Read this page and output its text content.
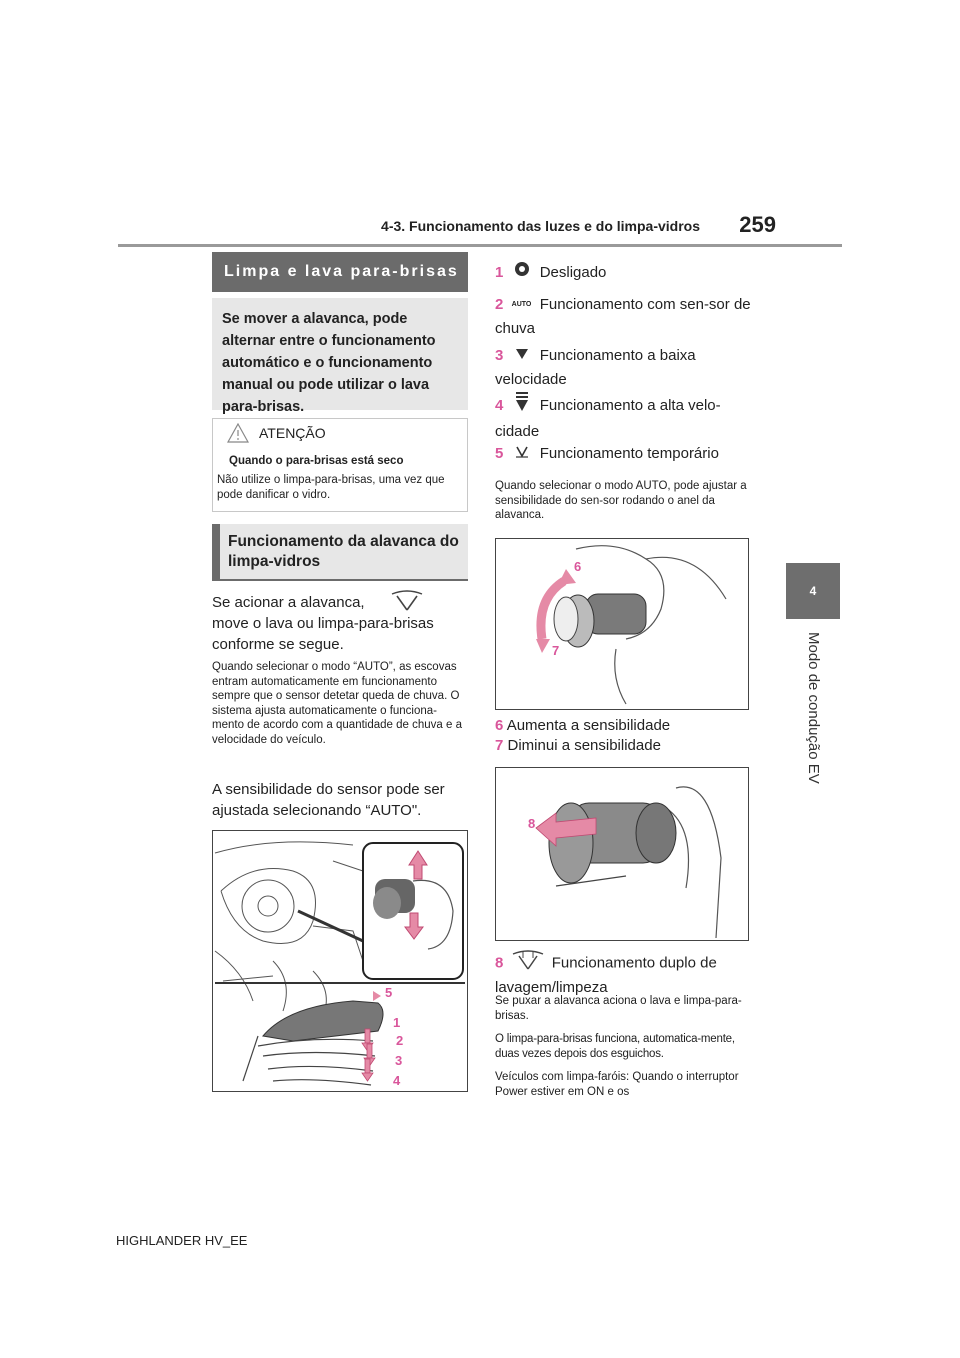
4-3. Funcionamento das luzes e do limpa-vidros	259
4
Modo de condução EV
Limpa e lava para-brisas
Se mover a alavanca, pode alternar entre o funcionamento automático e o funcionamento manual ou pode utilizar o lava para-brisas.
ATENÇÃO
Quando o para-brisas está seco
Não utilize o limpa-para-brisas, uma vez que pode danificar o vidro.
Funcionamento da alavanca do limpa-vidros
Se acionar a alavanca,
move o lava ou limpa-para-brisas conforme se segue.
Quando selecionar o modo “AUTO”, as escovas entram automaticamente em funcionamento sempre que o sensor detetar queda de chuva. O sistema ajusta automaticamente o funciona-mento de acordo com a quantidade de chuva e a velocidade do veículo.
A sensibilidade do sensor pode ser ajustada selecionando “AUTO".
5
1
2
3
4
1 Desligado
2 AUTO Funcionamento com sen-sor de chuva
3 Funcionamento a baixa velocidade
4 Funcionamento a alta velo-cidade
5 Funcionamento temporário
Quando selecionar o modo AUTO, pode ajustar a sensibilidade do sen-sor rodando o anel da alavanca.
6
7
6 Aumenta a sensibilidade
7 Diminui a sensibilidade
8
8	Funcionamento duplo de lavagem/limpeza
Se puxar a alavanca aciona o lava e limpa-para-brisas.
O limpa-para-brisas funciona, automatica-mente, duas vezes depois dos esguichos.
Veículos com limpa-faróis: Quando o interruptor Power estiver em ON e os
HIGHLANDER HV_EE
